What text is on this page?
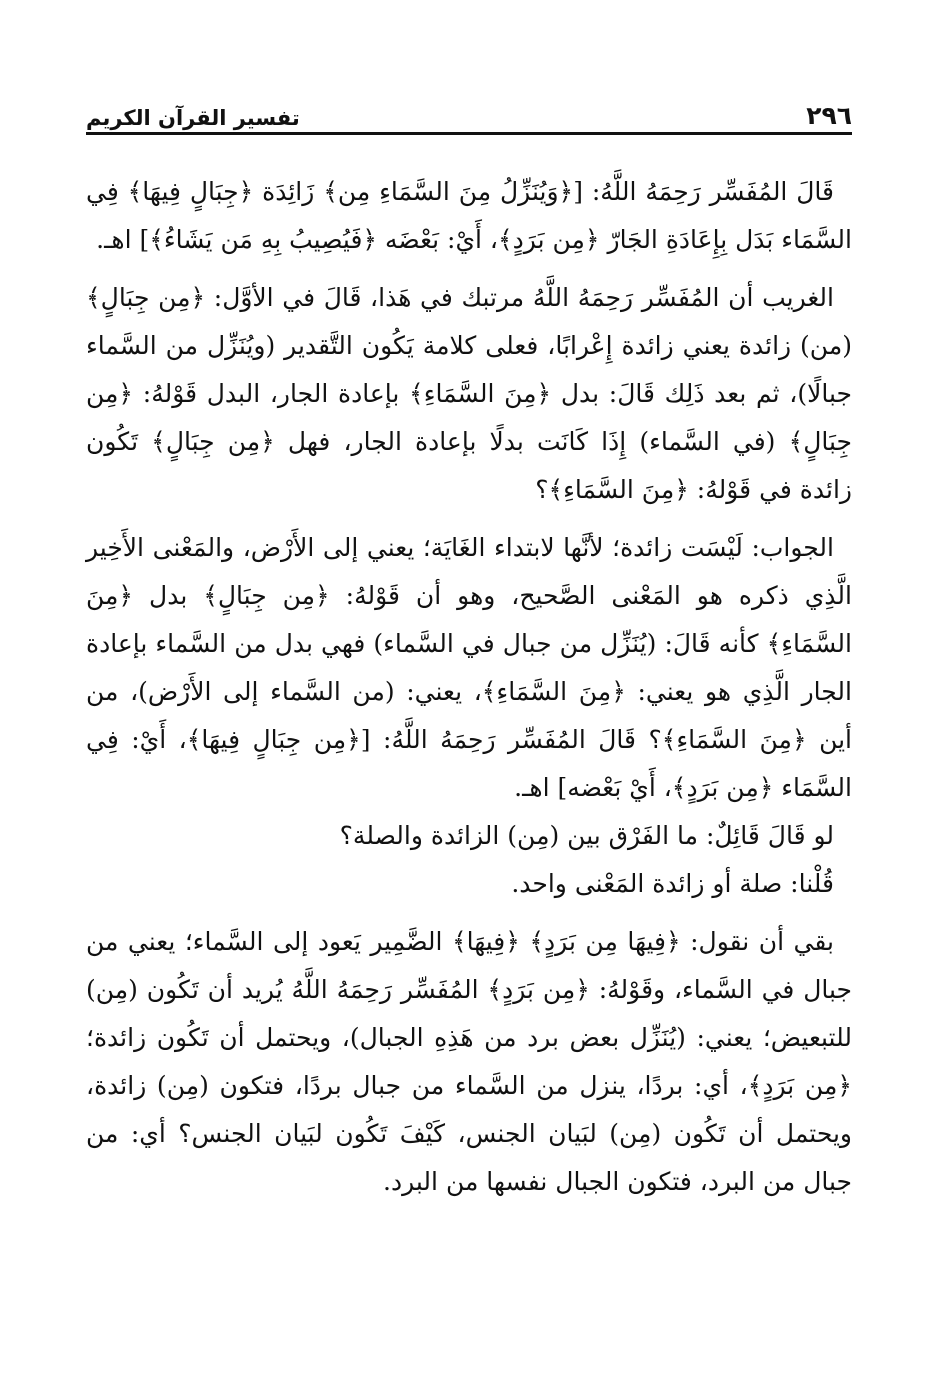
٢٩٦
تفسير القرآن الكريم

قَالَ المُفَسِّر رَحِمَهُ اللَّهُ: [﴿وَيُنَزِّلُ مِنَ السَّمَاءِ مِن﴾ زَائِدَة ﴿جِبَالٍ فِيهَا﴾ فِي السَّمَاء بَدَل بِإِعَادَةِ الجَارّ ﴿مِن بَرَدٍ﴾، أَيْ: بَعْضَه ﴿فَيُصِيبُ بِهِ مَن يَشَاءُ﴾] اهـ.

الغريب أن المُفَسِّر رَحِمَهُ اللَّهُ مرتبك في هَذا، قَالَ في الأوَّل: ﴿مِن جِبَالٍ﴾ (من) زائدة يعني زائدة إِعْرابًا، فعلى كلامة يَكُون التَّقدير (ويُنَزِّل من السَّماء جبالًا)، ثم بعد ذَلِك قَالَ: بدل ﴿مِنَ السَّمَاءِ﴾ بإعادة الجار، البدل قَوْلهُ: ﴿مِن جِبَالٍ﴾ (في السَّماء) إِذَا كَانَت بدلًا بإعادة الجار، فهل ﴿مِن جِبَالٍ﴾ تَكُون زائدة في قَوْلهُ: ﴿مِنَ السَّمَاءِ﴾؟

الجواب: لَيْسَت زائدة؛ لأنَّها لابتداء الغَايَة؛ يعني إلى الأَرْض، والمَعْنى الأَخِير الَّذِي ذكره هو المَعْنى الصَّحيح، وهو أن قَوْلهُ: ﴿مِن جِبَالٍ﴾ بدل ﴿مِنَ السَّمَاءِ﴾ كأنه قَالَ: (يُنَزِّل من جبال في السَّماء) فهي بدل من السَّماء بإعادة الجار الَّذِي هو يعني: ﴿مِنَ السَّمَاءِ﴾، يعني: (من السَّماء إلى الأَرْض)، من أين ﴿مِنَ السَّمَاءِ﴾؟ قَالَ المُفَسِّر رَحِمَهُ اللَّهُ: [﴿مِن جِبَالٍ فِيهَا﴾، أَيْ: فِي السَّمَاء ﴿مِن بَرَدٍ﴾، أَيْ بَعْضه] اهـ.

لو قَالَ قَائِلٌ: ما الفَرْق بين (مِن) الزائدة والصلة؟

قُلْنا: صلة أو زائدة المَعْنى واحد.

بقي أن نقول: ﴿فِيهَا مِن بَرَدٍ﴾ ﴿فِيهَا﴾ الضَّمِير يَعود إلى السَّماء؛ يعني من جبال في السَّماء، وقَوْلهُ: ﴿مِن بَرَدٍ﴾ المُفَسِّر رَحِمَهُ اللَّهُ يُريد أن تَكُون (مِن) للتبعيض؛ يعني: (يُنَزِّل بعض برد من هَذِهِ الجبال)، ويحتمل أن تَكُون زائدة؛ ﴿مِن بَرَدٍ﴾، أي: بردًا، ينزل من السَّماء من جبال بردًا، فتكون (مِن) زائدة، ويحتمل أن تَكُون (مِن) لبَيان الجنس، كَيْفَ تَكُون لبَيان الجنس؟ أي: من جبال من البرد، فتكون الجبال نفسها من البرد.
